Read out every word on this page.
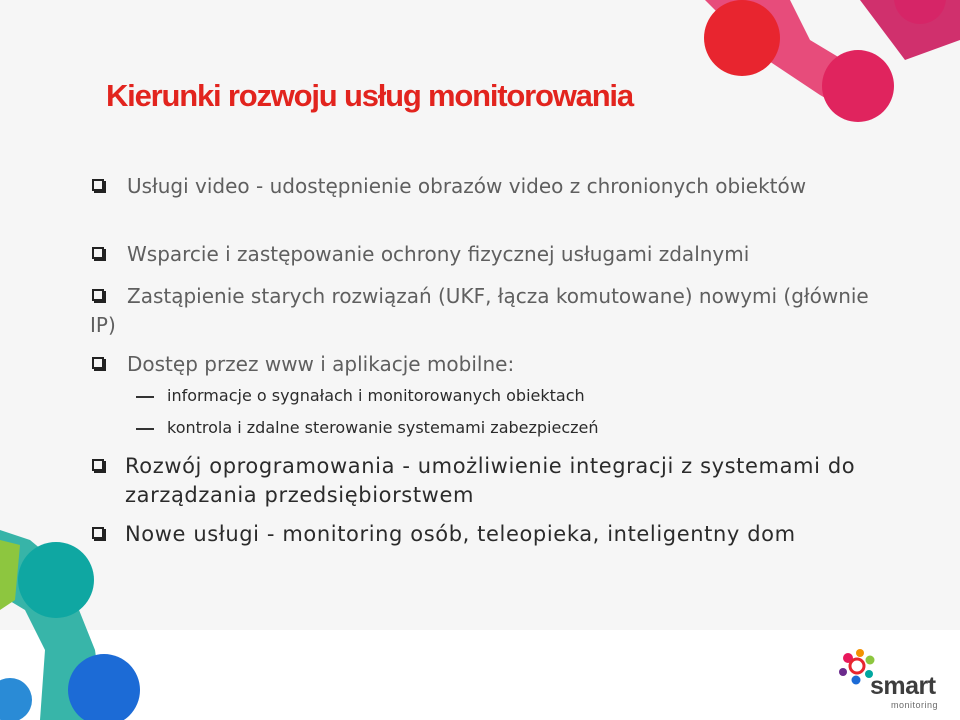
Kierunki rozwoju usług monitorowania
Usługi video - udostępnienie obrazów video z chronionych obiektów
Wsparcie i zastępowanie ochrony fizycznej usługami zdalnymi
Zastąpienie starych rozwiązań (UKF, łącza komutowane) nowymi (głównie IP)
Dostęp przez www i aplikacje mobilne:
informacje o sygnałach i monitorowanych obiektach
kontrola i zdalne sterowanie systemami zabezpieczeń
Rozwój oprogramowania - umożliwienie integracji z systemami do zarządzania przedsiębiorstwem
Nowe usługi - monitoring osób, teleopieka, inteligentny dom
smart
monitoring
